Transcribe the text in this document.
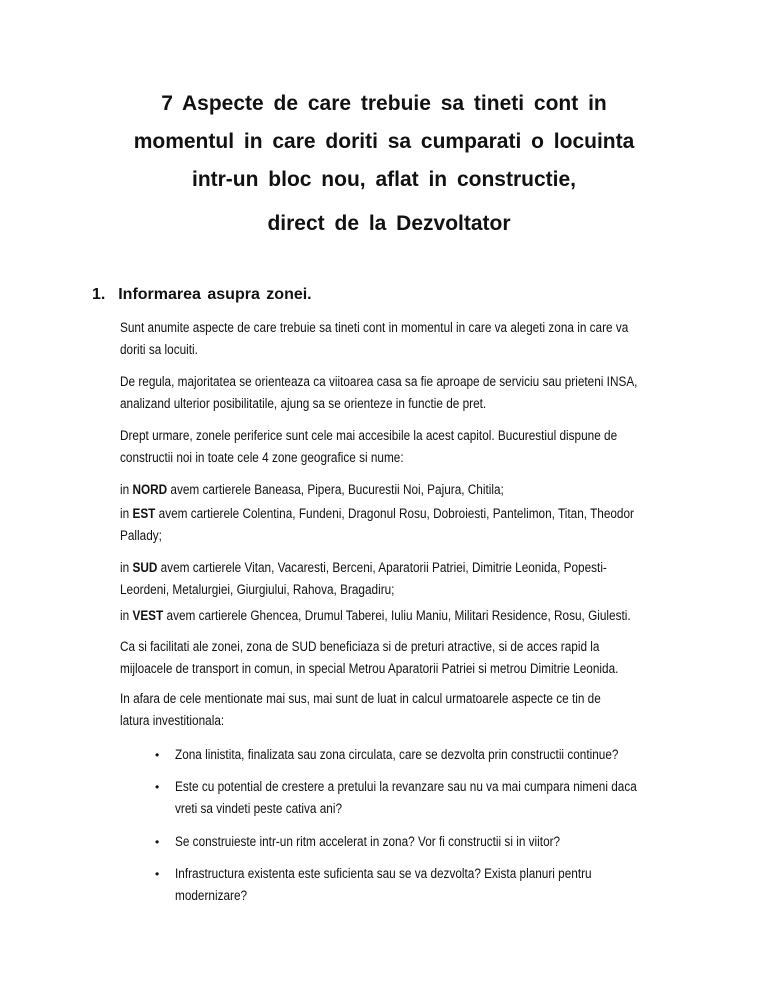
7 Aspecte de care trebuie sa tineti cont in
momentul in care doriti sa cumparati o locuinta
intr-un bloc nou, aflat in constructie,
direct de la Dezvoltator
1. Informarea asupra zonei.
Sunt anumite aspecte de care trebuie sa tineti cont in momentul in care va alegeti zona in care va
doriti sa locuiti.
De regula, majoritatea se orienteaza ca viitoarea casa sa fie aproape de serviciu sau prieteni INSA,
analizand ulterior posibilitatile, ajung sa se orienteze in functie de pret.
Drept urmare, zonele periferice sunt cele mai accesibile la acest capitol. Bucurestiul dispune de
constructii noi in toate cele 4 zone geografice si nume:
in NORD avem cartierele Baneasa, Pipera, Bucurestii Noi, Pajura, Chitila;
in EST avem cartierele Colentina, Fundeni, Dragonul Rosu, Dobroiesti, Pantelimon, Titan, Theodor
Pallady;
in SUD avem cartierele Vitan, Vacaresti, Berceni, Aparatorii Patriei, Dimitrie Leonida, Popesti-
Leordeni, Metalurgiei, Giurgiului, Rahova, Bragadiru;
in VEST avem cartierele Ghencea, Drumul Taberei, Iuliu Maniu, Militari Residence, Rosu, Giulesti.
Ca si facilitati ale zonei, zona de SUD beneficiaza si de preturi atractive, si de acces rapid la
mijloacele de transport in comun, in special Metrou Aparatorii Patriei si metrou Dimitrie Leonida.
In afara de cele mentionate mai sus, mai sunt de luat in calcul urmatoarele aspecte ce tin de
latura investitionala:
• Zona linistita, finalizata sau zona circulata, care se dezvolta prin constructii continue?
• Este cu potential de crestere a pretului la revanzare sau nu va mai cumpara nimeni daca
vreti sa vindeti peste cativa ani?
• Se construieste intr-un ritm accelerat in zona? Vor fi constructii si in viitor?
• Infrastructura existenta este suficienta sau se va dezvolta? Exista planuri pentru
modernizare?
